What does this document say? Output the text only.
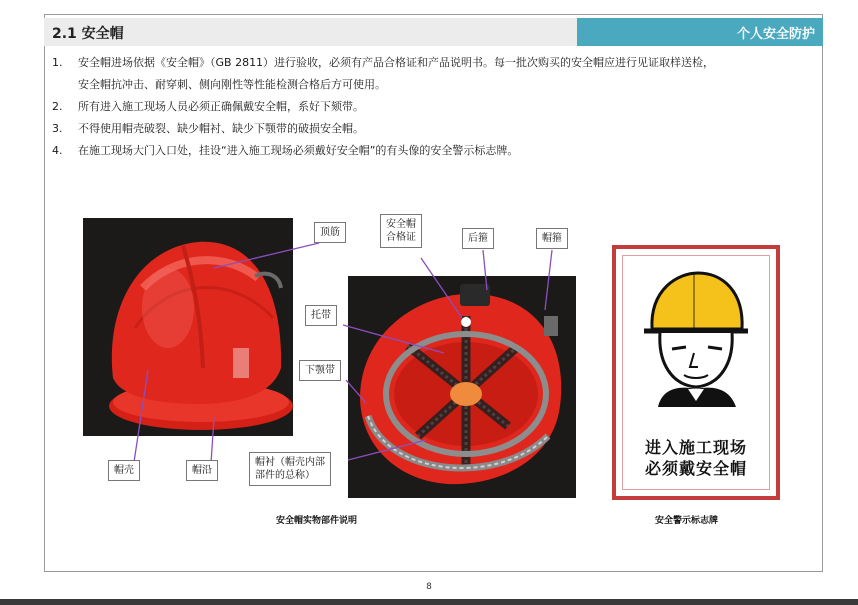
2.1 安全帽	个人安全防护
1. 安全帽进场依据《安全帽》（GB 2811）进行验收，必须有产品合格证和产品说明书。每一批次购买的安全帽应进行见证取样送检，
安全帽抗冲击、耐穿刺、侧向刚性等性能检测合格后方可使用。
2. 所有进入施工现场人员必须正确佩戴安全帽，系好下颏带。
3. 不得使用帽壳破裂、缺少帽衬、缺少下颚带的破损安全帽。
4. 在施工现场大门入口处，挂设“进入施工现场必须戴好安全帽”的有头像的安全警示标志牌。
进入施工现场
必须戴安全帽
顶筋
安全帽
合格证	后箍	帽箍
托带
下颚带
帽壳	帽沿
帽衬（帽壳内部
部件的总称）
安全帽实物部件说明	安全警示标志牌
8
